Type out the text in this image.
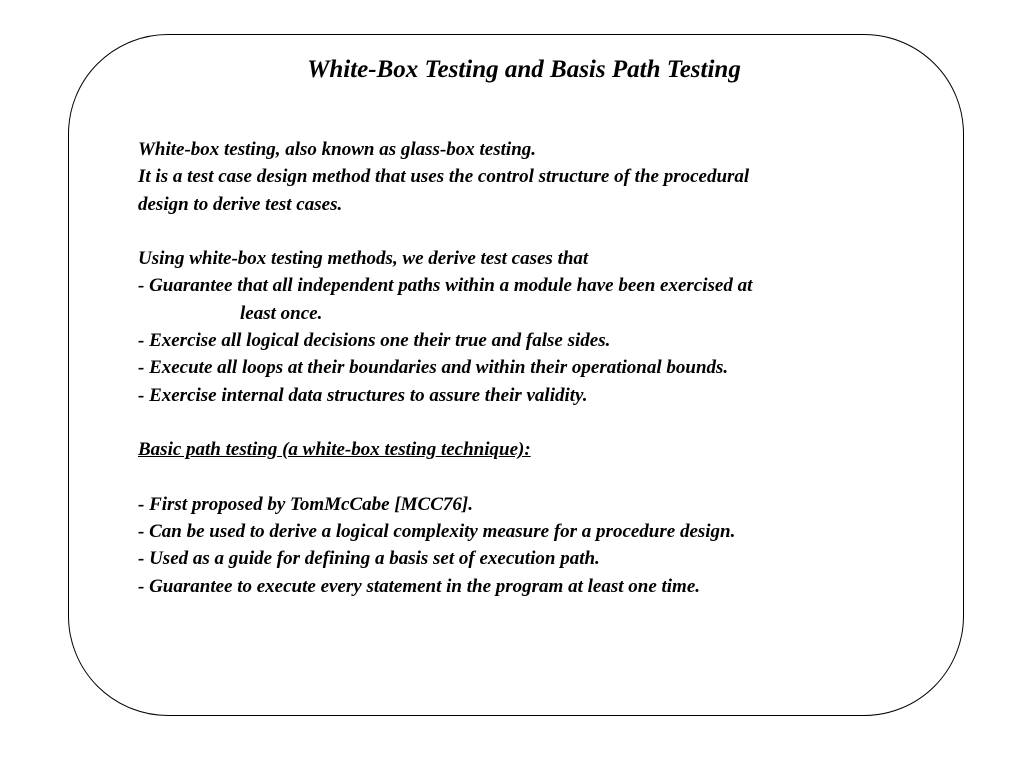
White-Box Testing and Basis Path Testing
White-box testing, also known as glass-box testing.
It is a test case design method that uses the control structure of the procedural
design to derive test cases.
Using white-box testing methods, we derive test cases that
- Guarantee that all independent paths within a module have been exercised at
least once.
- Exercise all logical decisions one their true and false sides.
- Execute all loops at their boundaries and within their operational bounds.
- Exercise internal data structures to assure their validity.
Basic path testing (a white-box testing technique):
- First proposed by TomMcCabe [MCC76].
- Can be used to derive a logical complexity measure for a procedure design.
- Used as a guide for defining a basis set of execution path.
- Guarantee to execute every statement in the program at least one time.
